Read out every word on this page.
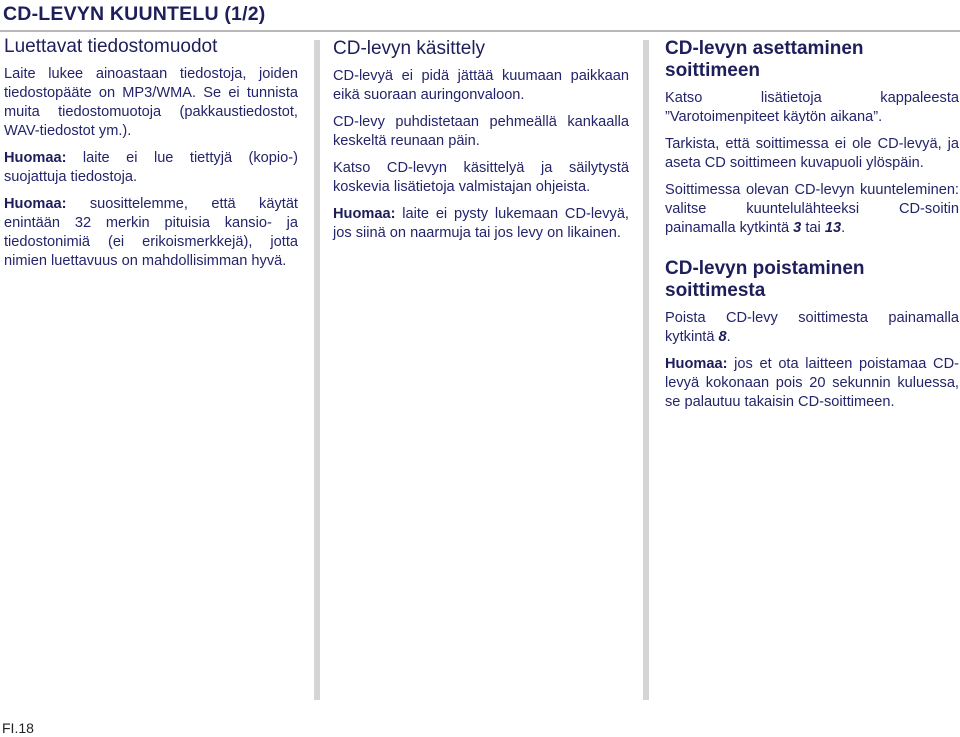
CD-LEVYN KUUNTELU (1/2)
Luettavat tiedostomuodot

Laite lukee ainoastaan tiedostoja, joiden tiedostopääte on MP3/WMA. Se ei tunnista muita tiedostomuotoja (pakkaustiedostot, WAV-tiedostot ym.).

Huomaa: laite ei lue tiettyjä (kopio-) suojattuja tiedostoja.

Huomaa: suosittelemme, että käytät enintään 32 merkin pituisia kansio- ja tiedostonimiä (ei erikoismerkkejä), jotta nimien luettavuus on mahdollisimman hyvä.

CD-levyn käsittely

CD-levyä ei pidä jättää kuumaan paikkaan eikä suoraan auringonvaloon.

CD-levy puhdistetaan pehmeällä kankaalla keskeltä reunaan päin.

Katso CD-levyn käsittelyä ja säilytystä koskevia lisätietoja valmistajan ohjeista.

Huomaa: laite ei pysty lukemaan CD-levyä, jos siinä on naarmuja tai jos levy on likainen.

CD-levyn asettaminen soittimeen

Katso lisätietoja kappaleesta ”Varotoimenpiteet käytön aikana”.

Tarkista, että soittimessa ei ole CD-levyä, ja aseta CD soittimeen kuvapuoli ylöspäin.

Soittimessa olevan CD-levyn kuunteleminen: valitse kuuntelulähteeksi CD-soitin painamalla kytkintä 3 tai 13.

CD-levyn poistaminen soittimesta

Poista CD-levy soittimesta painamalla kytkintä 8.

Huomaa: jos et ota laitteen poistamaa CD-levyä kokonaan pois 20 sekunnin kuluessa, se palautuu takaisin CD-soittimeen.

FI.18
